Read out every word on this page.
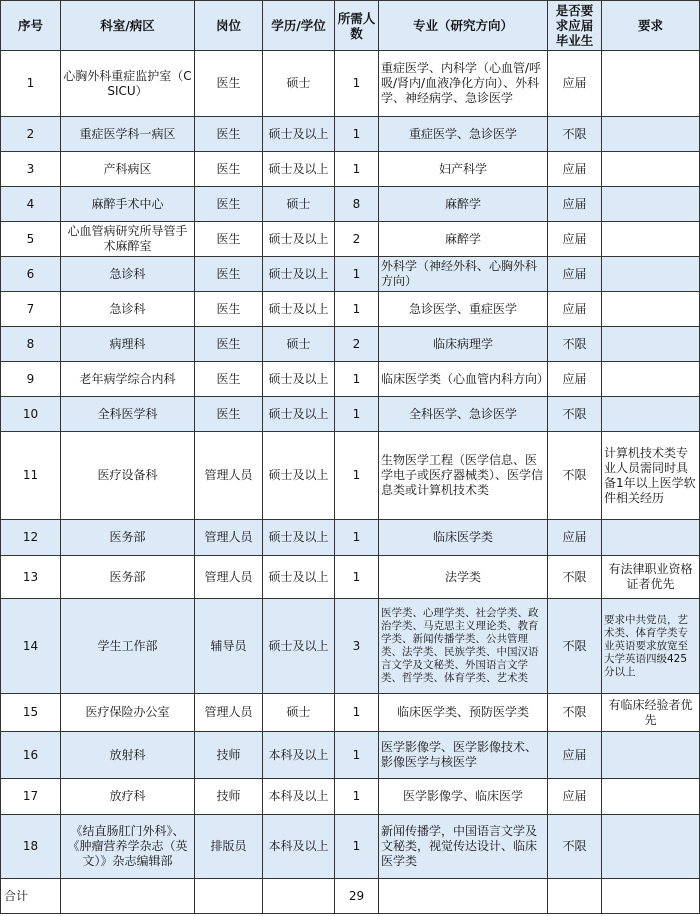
序号	科室/病区	岗位	学历/学位	所需人数	专业（研究方向）	是否要求应届毕业生	要求
1	心胸外科重症监护室（CSICU）	医生	硕士	1	重症医学、内科学（心血管/呼吸/肾内/血液净化方向）、外科学、神经病学、急诊医学	应届	
2	重症医学科一病区	医生	硕士及以上	1	重症医学、急诊医学	不限	
3	产科病区	医生	硕士及以上	1	妇产科学	应届	
4	麻醉手术中心	医生	硕士	8	麻醉学	应届	
5	心血管病研究所导管手术麻醉室	医生	硕士及以上	2	麻醉学	应届	
6	急诊科	医生	硕士及以上	1	外科学（神经外科、心胸外科方向）	应届	
7	急诊科	医生	硕士及以上	1	急诊医学、重症医学	应届	
8	病理科	医生	硕士	2	临床病理学	不限	
9	老年病学综合内科	医生	硕士及以上	1	临床医学类（心血管内科方向）	应届	
10	全科医学科	医生	硕士及以上	1	全科医学、急诊医学	不限	
11	医疗设备科	管理人员	硕士及以上	1	生物医学工程（医学信息、医学电子或医疗器械类）、医学信息类或计算机技术类	不限	计算机技术类专业人员需同时具备1年以上医学软件相关经历
12	医务部	管理人员	硕士及以上	1	临床医学类	应届	
13	医务部	管理人员	硕士及以上	1	法学类	不限	有法律职业资格证者优先
14	学生工作部	辅导员	硕士及以上	3	医学类、心理学类、社会学类、政治学类、马克思主义理论类、教育学类、新闻传播学类、公共管理类、法学类、民族学类、中国汉语言文学及文秘类、外国语言文学类、哲学类、体育学类、艺术类	不限	要求中共党员，艺术类、体育学类专业英语要求放宽至大学英语四级425分以上
15	医疗保险办公室	管理人员	硕士	1	临床医学类、预防医学类	不限	有临床经验者优先
16	放射科	技师	本科及以上	1	医学影像学、医学影像技术、影像医学与核医学	应届	
17	放疗科	技师	本科及以上	1	医学影像学、临床医学	应届	
18	《结直肠肛门外科》、《肿瘤营养学杂志（英文）》杂志编辑部	排版员	本科及以上	1	新闻传播学，中国语言文学及文秘类，视觉传达设计、临床医学类	不限	
合计				29			
